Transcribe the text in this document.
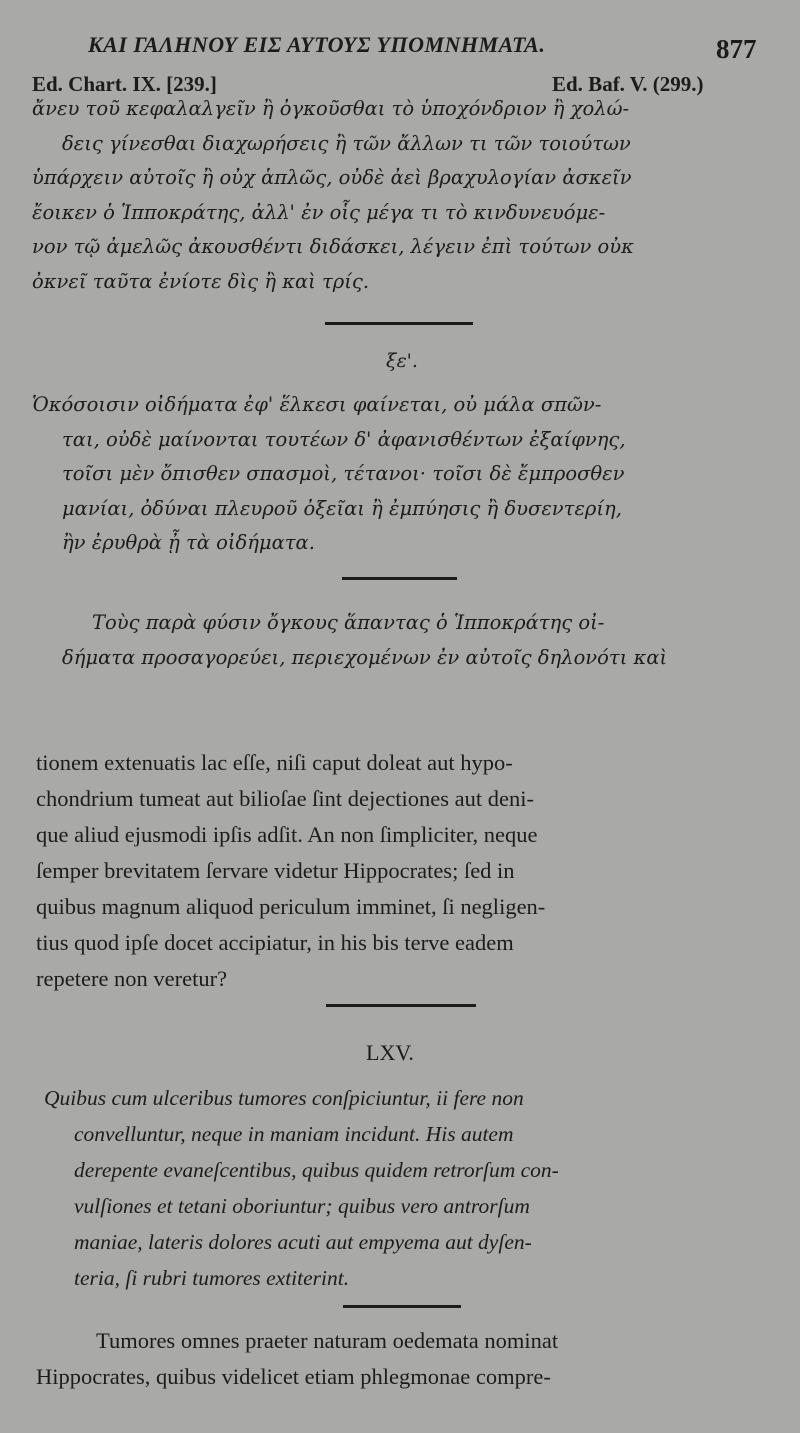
ΚΑΙ ΓΑΛΗΝΟΥ ΕΙΣ ΑΥΤΟΥΣ ΥΠΟΜΝΗΜΑΤΑ.	877
Ed. Chart. IX. [239.]	Ed. Baf. V. (299.)

ἄνευ τοῦ κεφαλαλγεῖν ἢ ὀγκοῦσθαι τὸ ὑποχόνδριον ἢ χολώ-

δεις γίνεσθαι διαχωρήσεις ἢ τῶν ἄλλων τι τῶν τοιούτων

ὑπάρχειν αὐτοῖς ἢ οὐχ ἁπλῶς, οὐδὲ ἀεὶ βραχυλογίαν ἀσκεῖν

ἔοικεν ὁ Ἱπποκράτης, ἀλλ' ἐν οἷς μέγα τι τὸ κινδυνευόμε-

νον τῷ ἀμελῶς ἀκουσθέντι διδάσκει, λέγειν ἐπὶ τούτων οὐκ

ὀκνεῖ ταῦτα ἐνίοτε δὶς ἢ καὶ τρίς.

ξε'.

Ὁκόσοισιν οἰδήματα ἐφ' ἕλκεσι φαίνεται, οὐ μάλα σπῶν-

ται, οὐδὲ μαίνονται τουτέων δ' ἀφανισθέντων ἐξαίφνης,

τοῖσι μὲν ὄπισθεν σπασμοὶ, τέτανοι· τοῖσι δὲ ἔμπροσθεν

μανίαι, ὀδύναι πλευροῦ ὀξεῖαι ἢ ἐμπύησις ἢ δυσεντερίη,

ἢν ἐρυθρὰ ᾖ τὰ οἰδήματα.

Τοὺς παρὰ φύσιν ὄγκους ἅπαντας ὁ Ἱπποκράτης οἰ-

δήματα προσαγορεύει, περιεχομένων ἐν αὐτοῖς δηλονότι καὶ

tionem extenuatis lac eſſe, niſi caput doleat aut hypo-

chondrium tumeat aut bilioſae ſint dejectiones aut deni-

que aliud ejusmodi ipſis adſit. An non ſimpliciter, neque

ſemper brevitatem ſervare videtur Hippocrates; ſed in

quibus magnum aliquod periculum imminet, ſi negligen-

tius quod ipſe docet accipiatur, in his bis terve eadem

repetere non veretur?

LXV.

Quibus cum ulceribus tumores conſpiciuntur, ii fere non

convelluntur, neque in maniam incidunt. His autem

derepente evaneſcentibus, quibus quidem retrorſum con-

vulſiones et tetani oboriuntur; quibus vero antrorſum

maniae, lateris dolores acuti aut empyema aut dyſen-

teria, ſi rubri tumores extiterint.

Tumores omnes praeter naturam oedemata nominat

Hippocrates, quibus videlicet etiam phlegmonae compre-
